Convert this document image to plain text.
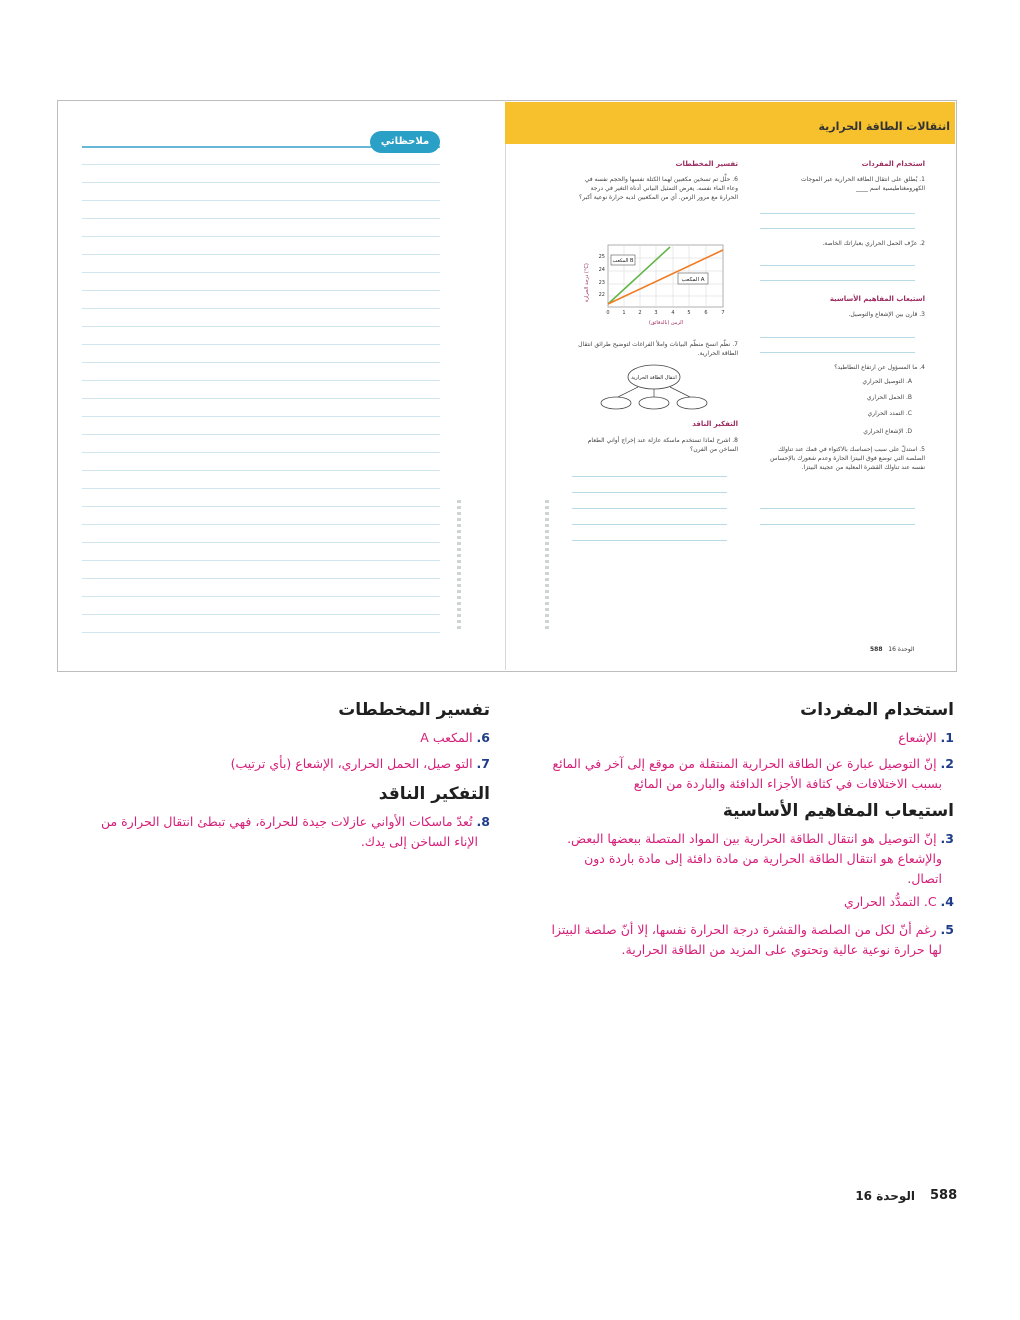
ملاحظاتي
انتقالات الطاقة الحرارية
استخدام المفردات
1. يُطلق على انتقال الطاقة الحرارية عبر الموجات الكهرومغناطيسية اسم ____
2. عرِّف الحمل الحراري بعباراتك الخاصة.
استيعاب المفاهيم الأساسية
3. قارن بين الإشعاع والتوصيل.
4. ما المسؤول عن ارتفاع النطاطيد؟
A. التوصيل الحراري
B. الحمل الحراري
C. التمدد الحراري
D. الإشعاع الحراري
5. استدلّ على سبب إحساسك بالاكتواء في فمك عند تناولك الصلصة التي توضع فوق البيتزا الحارة وعدم شعورك بالإحساس نفسه عند تناولك القشرة المعلية من عجينة البيتزا.
تفسير المخططات
6. حلِّل تم تسخين مكعبين لهما الكتلة نفسها والحجم نفسه في وعاء الماء نفسه. يعرض التمثيل البياني أدناه التغير في درجة الحرارة مع مرور الزمن. أي من المكعبين لديه حرارة نوعية أكبر؟
المكعب B
المكعب A
25
24
23
22
0	1	2	3	4	5	6	7
الزمن (بالدقائق)
درجة الحرارة (°C)
7. نظّم انسخ منظّم البيانات واملأ الفراغات لتوضيح طرائق انتقال الطاقة الحرارية.
انتقال الطاقة الحرارية
التفكير الناقد
8. اشرح لماذا تستخدم ماسكة عازلة عند إخراج أواني الطعام الساخن من الفرن؟
الوحدة 16   588
استخدام المفردات
1. الإشعاع
2. إنّ التوصيل عبارة عن الطاقة الحرارية المنتقلة من موقع إلى آخر في المائع
بسبب الاختلافات في كثافة الأجزاء الدافئة والباردة من المائع
استيعاب المفاهيم الأساسية
3. إنّ التوصيل هو انتقال الطاقة الحرارية بين المواد المتصلة ببعضها البعض.
والإشعاع هو انتقال الطاقة الحرارية من مادة دافئة إلى مادة باردة دون
اتصال.
4. C. التمدُّد الحراري
5. رغم أنّ لكل من الصلصة والقشرة درجة الحرارة نفسها، إلا أنّ صلصة البيتزا
لها حرارة نوعية عالية وتحتوي على المزيد من الطاقة الحرارية.
تفسير المخططات
6. المكعب A
7. التو صيل، الحمل الحراري، الإشعاع (بأي ترتيب)
التفكير الناقد
8. تُعدّ ماسكات الأواني عازلات جيدة للحرارة، فهي تبطئ انتقال الحرارة من
الإناء الساخن إلى يدك.
الوحدة 16 588
